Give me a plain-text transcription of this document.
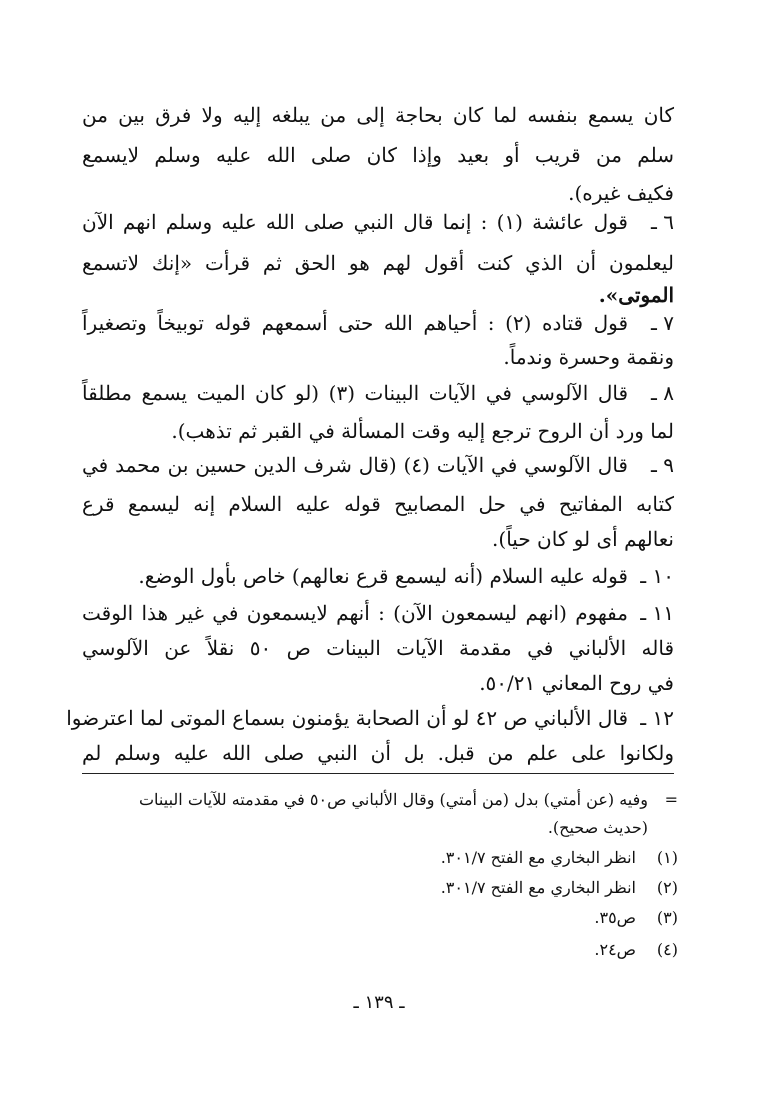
كان يسمع بنفسه لما كان بحاجة إلى من يبلغه إليه ولا فرق بين من
سلم من قريب أو بعيد وإذا كان صلى الله عليه وسلم لايسمع
فكيف غيره).
٦ ـ
قول عائشة (١) : إنما قال النبي صلى الله عليه وسلم انهم الآن
ليعلمون أن الذي كنت أقول لهم هو الحق ثم قرأت «إنك لاتسمع
الموتى».
٧ ـ
قول قتاده (٢) : أحياهم الله حتى أسمعهم قوله توبيخاً وتصغيراً
ونقمة وحسرة وندماً.
٨ ـ
قال الآلوسي في الآيات البينات (٣) (لو كان الميت يسمع مطلقاً
لما ورد أن الروح ترجع إليه وقت المسألة في القبر ثم تذهب).
٩ ـ
قال الآلوسي في الآيات (٤) (قال شرف الدين حسين بن محمد في
كتابه المفاتيح في حل المصابيح قوله عليه السلام إنه ليسمع قرع
نعالهم أى لو كان حياً).
١٠ ـ
قوله عليه السلام (أنه ليسمع قرع نعالهم) خاص بأول الوضع.
١١ ـ
مفهوم (انهم ليسمعون الآن) : أنهم لايسمعون في غير هذا الوقت
قاله الألباني في مقدمة الآيات البينات ص ٥٠ نقلاً عن الآلوسي
في روح المعاني ٥٠/٢١.
١٢ ـ
قال الألباني ص ٤٢ لو أن الصحابة يؤمنون بسماع الموتى لما اعترضوا
ولكانوا على علم من قبل. بل أن النبي صلى الله عليه وسلم لم
=
وفيه (عن أمتي) بدل (من أمتي) وقال الألباني ص٥٠ في مقدمته للآيات البينات
(حديث صحيح).
(١)
انظر البخاري مع الفتح ٣٠١/٧.
(٢)
انظر البخاري مع الفتح ٣٠١/٧.
(٣)
ص٣٥.
(٤)
ص٢٤.
ـ ١٣٩ ـ
